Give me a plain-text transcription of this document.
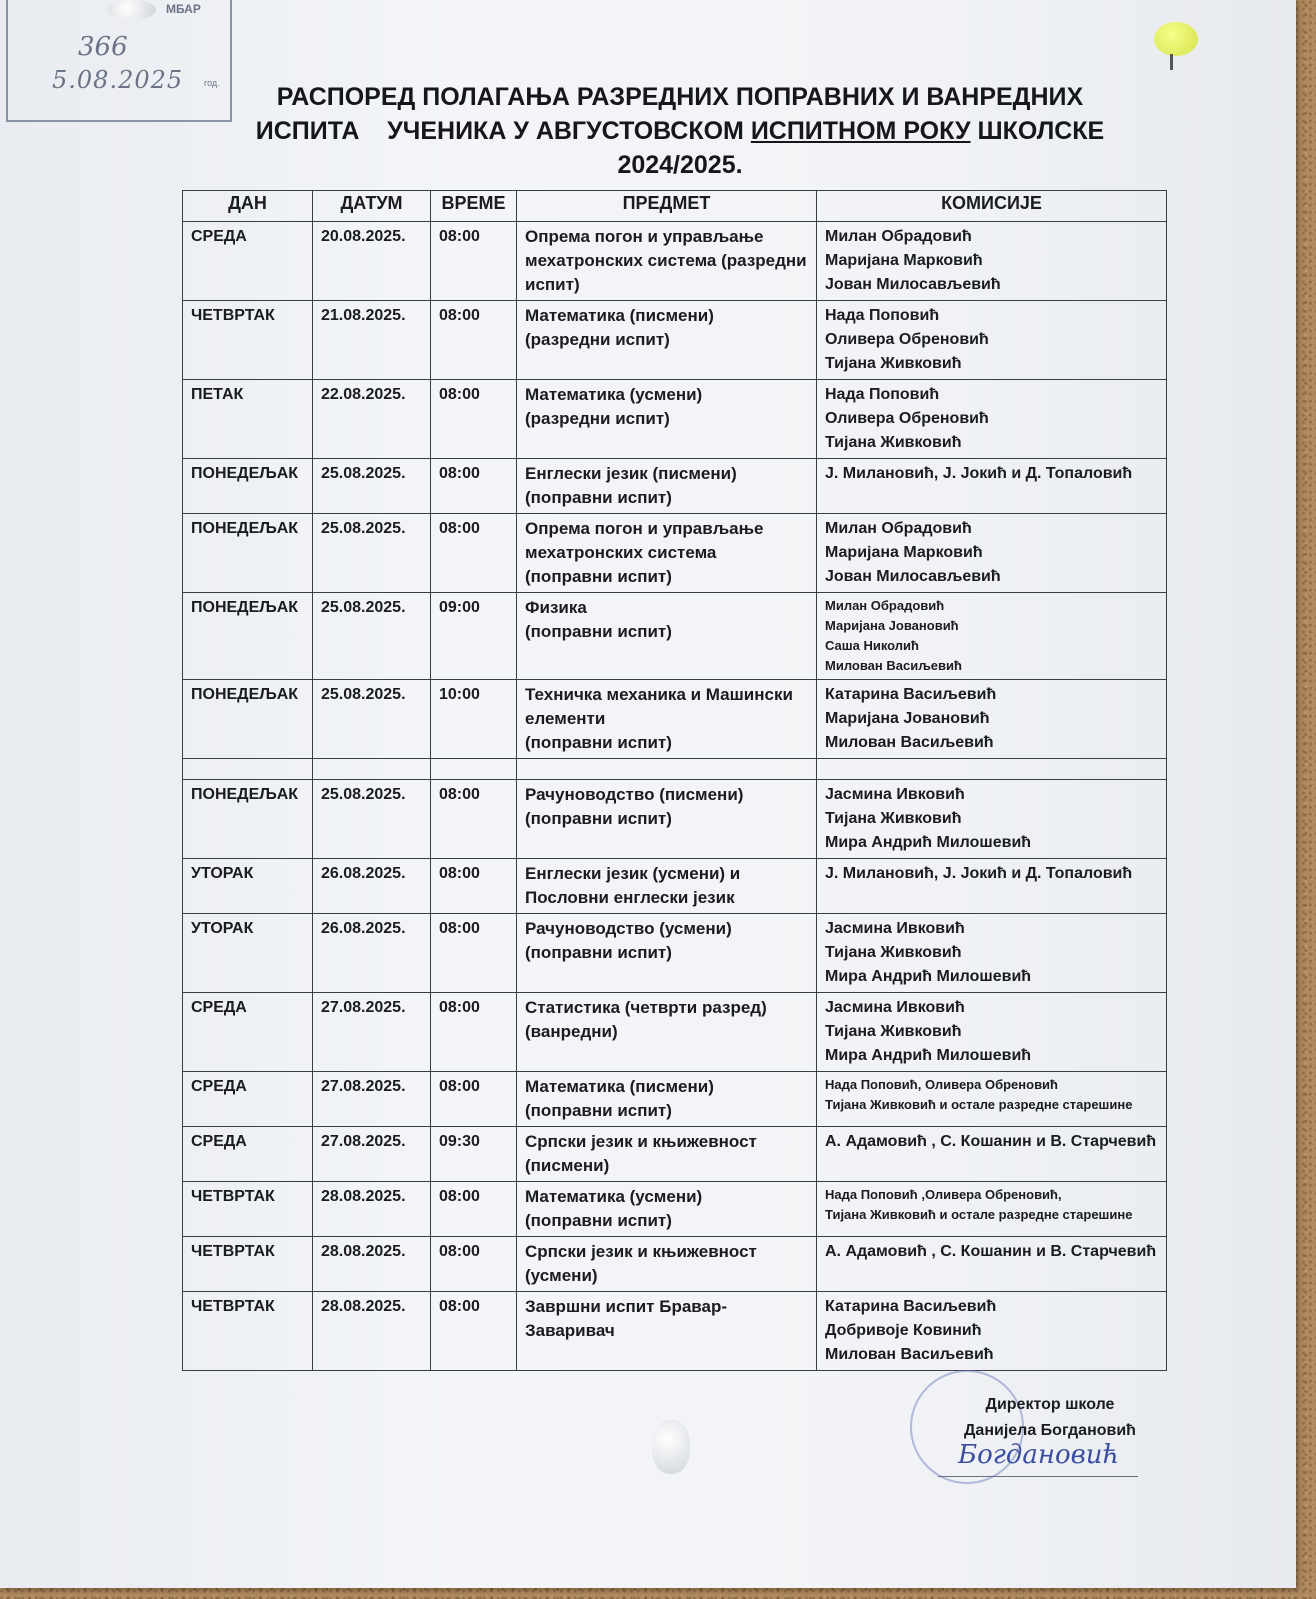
МБАР
366
5.08.2025 год.	РАСПОРЕД ПОЛАГАЊА РАЗРЕДНИХ ПОПРАВНИХ И ВАНРЕДНИХ
ИСПИТА    УЧЕНИКА У АВГУСТОВСКОМ ИСПИТНОМ РОКУ ШКОЛСКЕ
2024/2025.
ДАН	ДАТУМ	ВРЕМЕ	ПРЕДМЕТ	КОМИСИЈЕ
СРЕДА	20.08.2025.	08:00	Опрема погон и управљање мехатронских система (разредни испит)	Милан Обрадовић
Маријана Марковић
Јован Милосављевић
ЧЕТВРТАК	21.08.2025.	08:00	Математика (писмени)
(разредни испит)	Нада Поповић
Оливера Обреновић
Тијана Живковић
ПЕТАК	22.08.2025.	08:00	Математика (усмени)
(разредни испит)	Нада Поповић
Оливера Обреновић
Тијана Живковић
ПОНЕДЕЉАК	25.08.2025.	08:00	Енглески језик (писмени)
(поправни испит)	Ј. Милановић, Ј. Јокић и Д. Топаловић
ПОНЕДЕЉАК	25.08.2025.	08:00	Опрема погон и управљање мехатронских система
(поправни испит)	Милан Обрадовић
Маријана Марковић
Јован Милосављевић
ПОНЕДЕЉАК	25.08.2025.	09:00	Физика
(поправни испит)	Милан Обрадовић
Маријана Јовановић
Саша Николић
Милован Васиљевић
ПОНЕДЕЉАК	25.08.2025.	10:00	Техничка механика и Машински елементи
(поправни испит)	Катарина Васиљевић
Маријана Јовановић
Милован Васиљевић

ПОНЕДЕЉАК	25.08.2025.	08:00	Рачуноводство (писмени)
(поправни испит)	Јасмина Ивковић
Тијана Живковић
Мира Андрић Милошевић
УТОРАК	26.08.2025.	08:00	Енглески језик (усмени) и Пословни енглески језик	Ј. Милановић, Ј. Јокић и Д. Топаловић
УТОРАК	26.08.2025.	08:00	Рачуноводство (усмени)
(поправни испит)	Јасмина Ивковић
Тијана Живковић
Мира Андрић Милошевић
СРЕДА	27.08.2025.	08:00	Статистика (четврти разред)
(ванредни)	Јасмина Ивковић
Тијана Живковић
Мира Андрић Милошевић
СРЕДА	27.08.2025.	08:00	Математика (писмени)
(поправни испит)	Нада Поповић, Оливера Обреновић
Тијана Живковић и остале разредне старешине
СРЕДА	27.08.2025.	09:30	Српски језик и књижевност
(писмени)	А. Адамовић , С. Кошанин и В. Старчевић
ЧЕТВРТАК	28.08.2025.	08:00	Математика (усмени)
(поправни испит)	Нада Поповић ,Оливера Обреновић,
Тијана Живковић и остале разредне старешине
ЧЕТВРТАК	28.08.2025.	08:00	Српски језик и књижевност
(усмени)	А. Адамовић , С. Кошанин и В. Старчевић
ЧЕТВРТАК	28.08.2025.	08:00	Завршни испит Бравар-Заваривач	Катарина Васиљевић
Добривоје Ковинић
Милован Васиљевић
Директор школе
Данијела Богдановић
Богдановић
